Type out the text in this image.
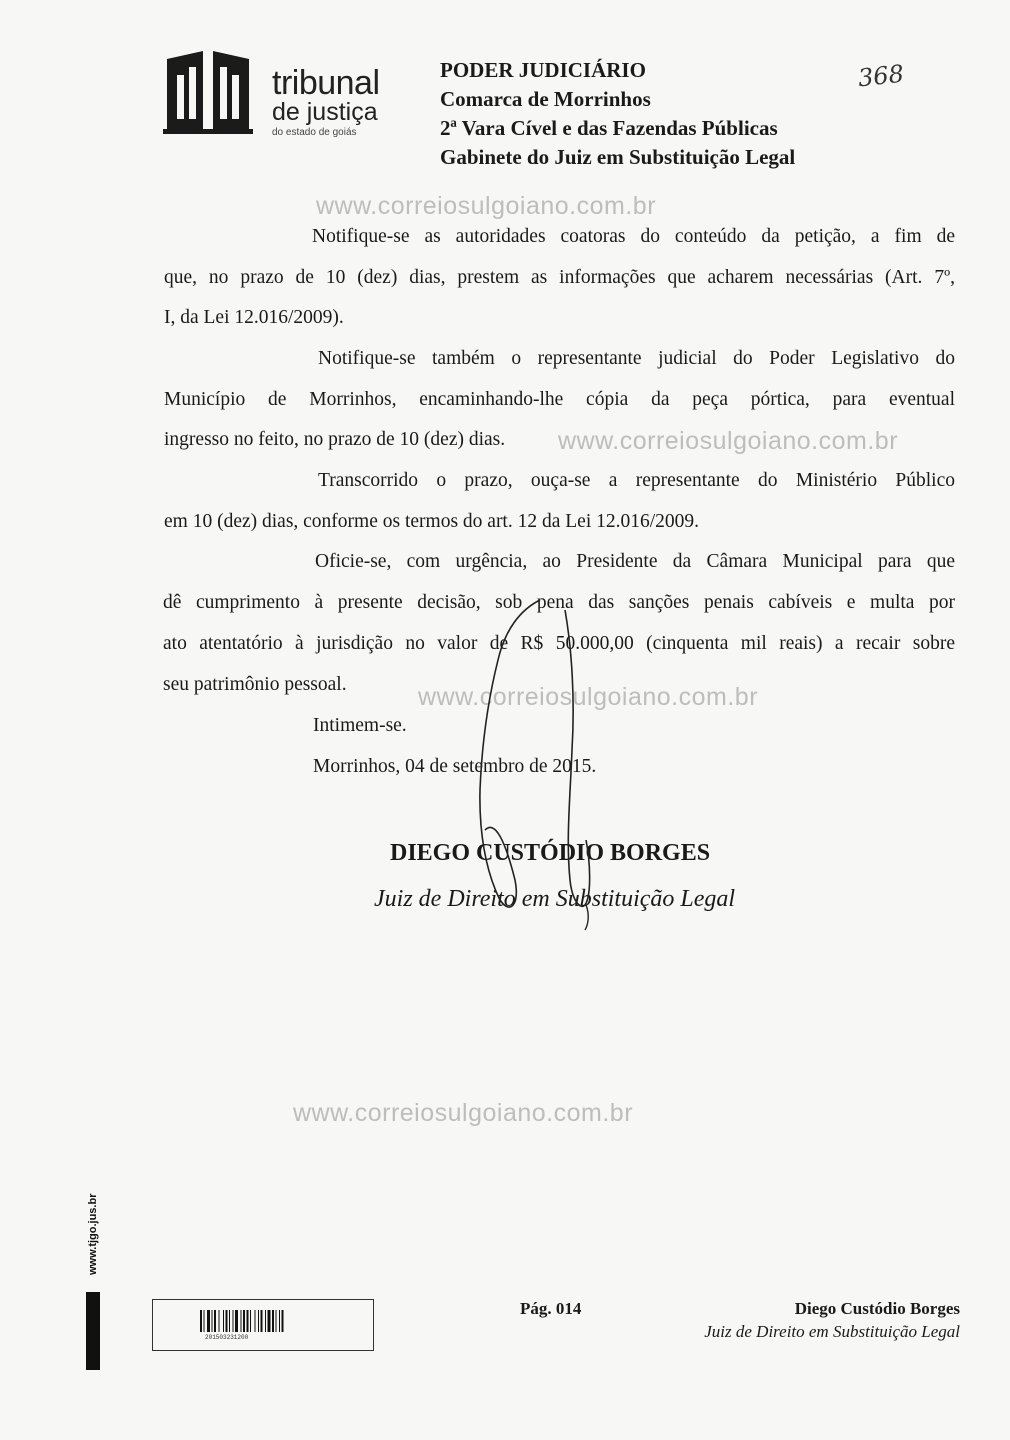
tribunal
de justiça
do estado de goiás
PODER JUDICIÁRIO
Comarca de Morrinhos
2ª Vara Cível e das Fazendas Públicas
Gabinete do Juiz em Substituição Legal
368
www.correiosulgoiano.com.br
www.correiosulgoiano.com.br
www.correiosulgoiano.com.br
www.correiosulgoiano.com.br
Notifique-se as autoridades coatoras do conteúdo da petição, a fim de
que, no prazo de 10 (dez) dias, prestem as informações que acharem necessárias (Art. 7º,
I, da Lei 12.016/2009).
Notifique-se também o representante judicial do Poder Legislativo do
Município de Morrinhos, encaminhando-lhe cópia da peça pórtica, para eventual
ingresso no feito, no prazo de 10 (dez) dias.
Transcorrido o prazo, ouça-se a representante do Ministério Público
em 10 (dez) dias, conforme os termos do art. 12 da Lei 12.016/2009.
Oficie-se, com urgência, ao Presidente da Câmara Municipal para que
dê cumprimento à presente decisão, sob pena das sanções penais cabíveis e multa por
ato atentatório à jurisdição no valor de R$ 50.000,00 (cinquenta mil reais) a recair sobre
seu patrimônio pessoal.
Intimem-se.
Morrinhos, 04 de setembro de 2015.
DIEGO CUSTÓDIO BORGES
Juiz de Direito em Substituição Legal
www.tjgo.jus.br
201503231200
Pág. 014	Diego Custódio Borges
Juiz de Direito em Substituição Legal
